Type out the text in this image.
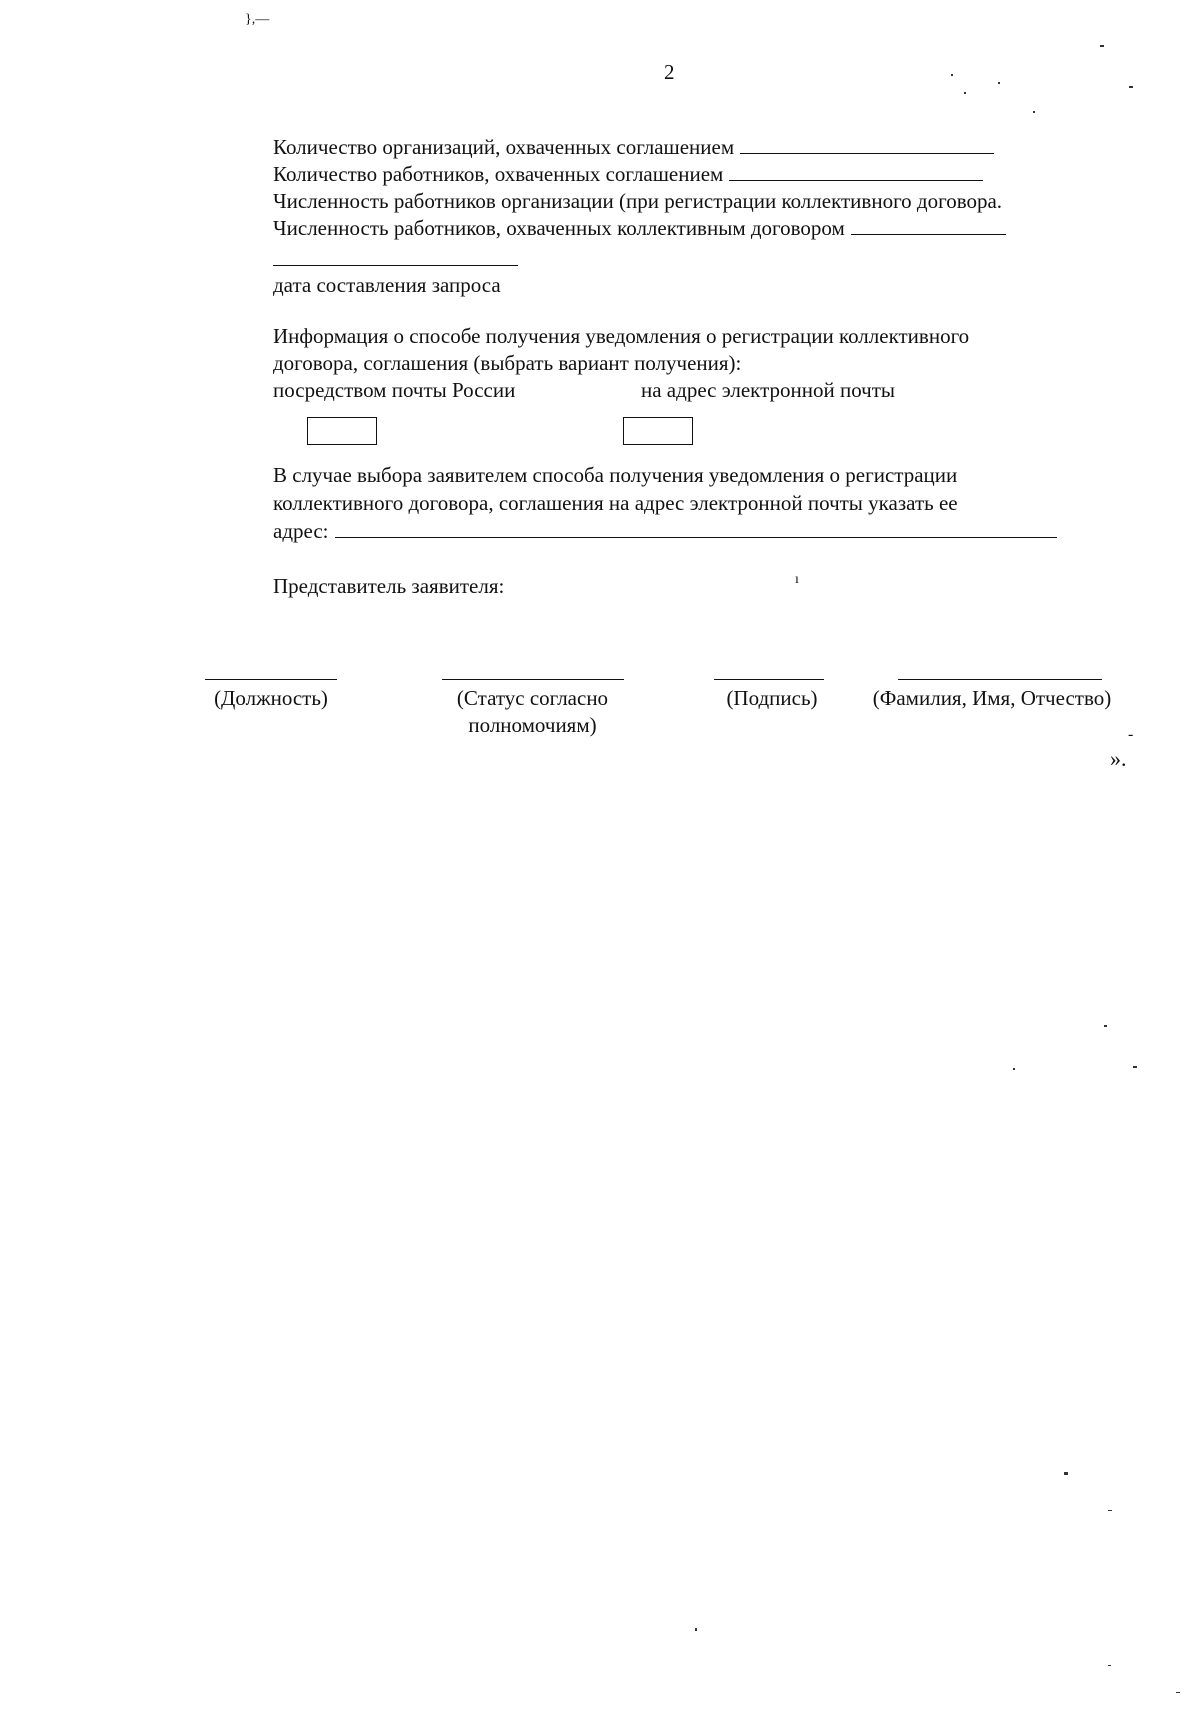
},—
2
Количество организаций, охваченных соглашением
Количество работников, охваченных соглашением
Численность работников организации (при регистрации коллективного договора.
Численность работников, охваченных коллективным договором
дата составления запроса
Информация о способе получения уведомления о регистрации коллективного
договора, соглашения (выбрать вариант получения):
посредством почты России	на адрес электронной почты
В случае выбора заявителем способа получения уведомления о регистрации
коллективного договора, соглашения на адрес электронной почты указать ее
адрес:
Представитель заявителя:	ı
(Должность)	(Статус согласно
полномочиям)
(Подпись)	(Фамилия, Имя, Отчество)
-
».
